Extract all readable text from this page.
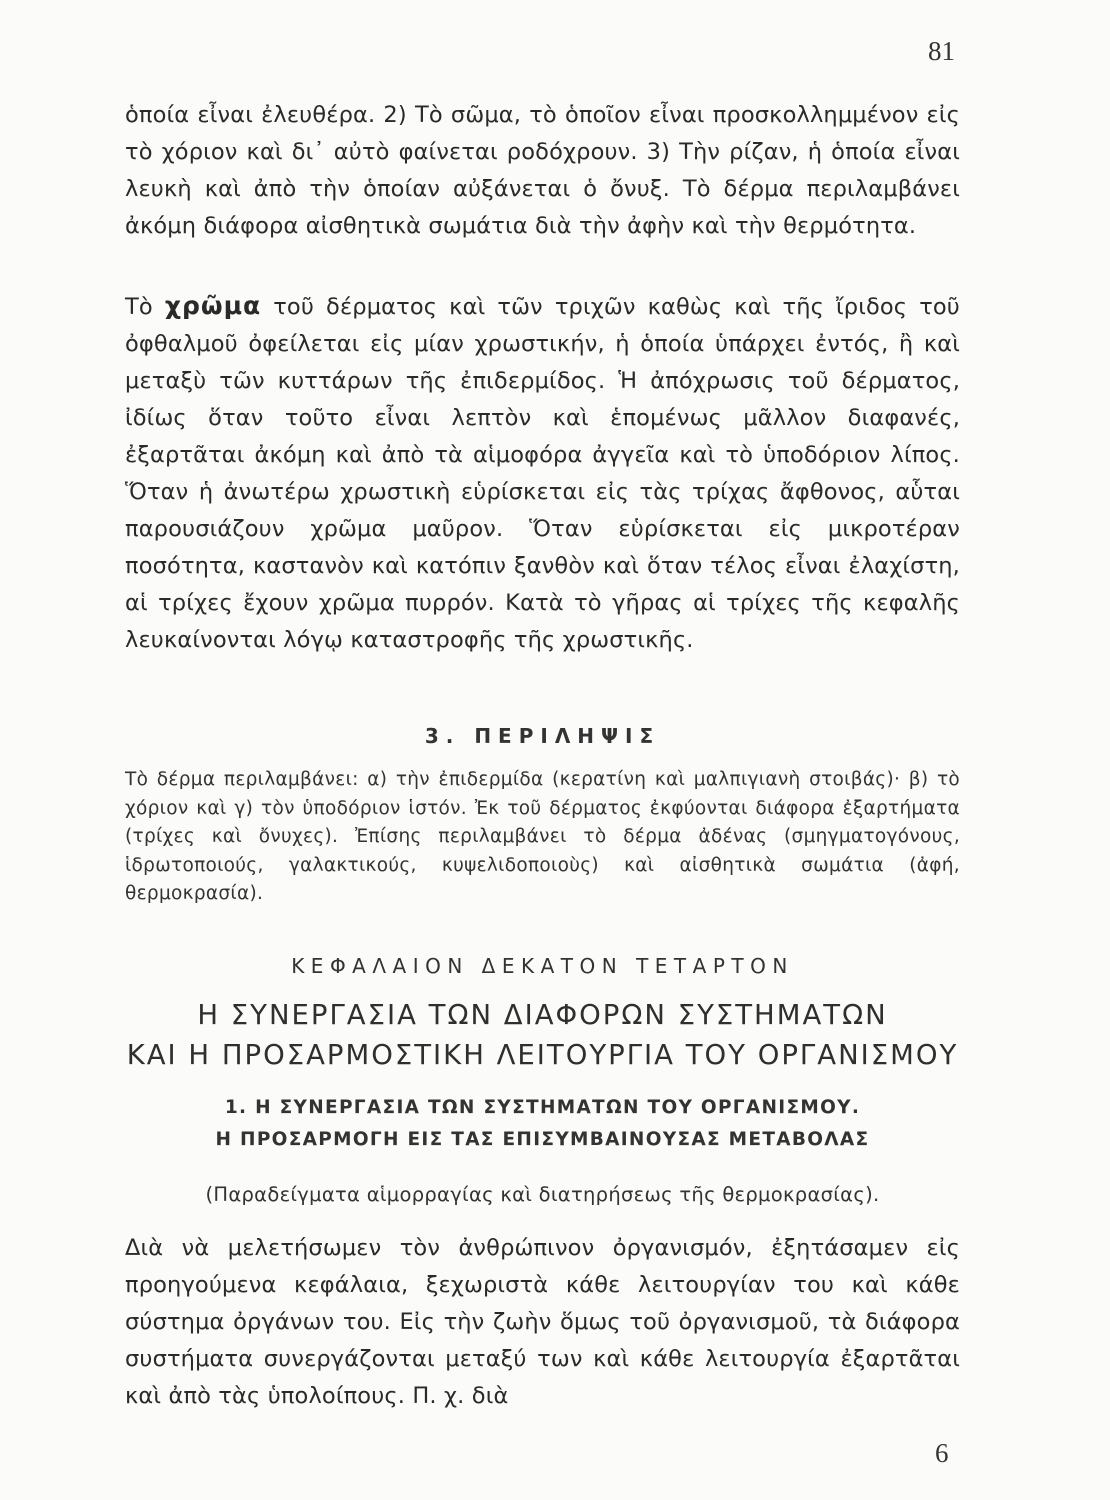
81

ὁποία εἶναι ἐλευθέρα. 2) Τὸ σῶμα, τὸ ὁποῖον εἶναι προσκολλημμένον εἰς τὸ χόριον καὶ δι᾽ αὐτὸ φαίνεται ροδόχρουν. 3) Τὴν ρίζαν, ἡ ὁποία εἶναι λευκὴ καὶ ἀπὸ τὴν ὁποίαν αὐξάνεται ὁ ὄνυξ. Τὸ δέρμα περιλαμβάνει ἀκόμη διάφορα αἰσθητικὰ σωμάτια διὰ τὴν ἀφὴν καὶ τὴν θερμότητα.

Τὸ χρῶμα τοῦ δέρματος καὶ τῶν τριχῶν καθὼς καὶ τῆς ἴριδος τοῦ ὀφθαλμοῦ ὀφείλεται εἰς μίαν χρωστικήν, ἡ ὁποία ὑπάρχει ἐντός, ἢ καὶ μεταξὺ τῶν κυττάρων τῆς ἐπιδερμίδος. Ἡ ἀπόχρωσις τοῦ δέρματος, ἰδίως ὅταν τοῦτο εἶναι λεπτὸν καὶ ἑπομένως μᾶλλον διαφανές, ἐξαρτᾶται ἀκόμη καὶ ἀπὸ τὰ αἱμοφόρα ἀγγεῖα καὶ τὸ ὑποδόριον λίπος. Ὅταν ἡ ἀνωτέρω χρωστικὴ εὑρίσκεται εἰς τὰς τρίχας ἄφθονος, αὗται παρουσιάζουν χρῶμα μαῦρον. Ὅταν εὑρίσκεται εἰς μικροτέραν ποσότητα, καστανὸν καὶ κατόπιν ξανθὸν καὶ ὅταν τέλος εἶναι ἐλαχίστη, αἱ τρίχες ἔχουν χρῶμα πυρρόν. Κατὰ τὸ γῆρας αἱ τρίχες τῆς κεφαλῆς λευκαίνονται λόγῳ καταστροφῆς τῆς χρωστικῆς.

3. ΠΕΡΙΛΗΨΙΣ

Τὸ δέρμα περιλαμβάνει: α) τὴν ἐπιδερμίδα (κερατίνη καὶ μαλπιγιανὴ στοιβάς)· β) τὸ χόριον καὶ γ) τὸν ὑποδόριον ἱστόν. Ἐκ τοῦ δέρματος ἐκφύονται διάφορα ἐξαρτήματα (τρίχες καὶ ὄνυχες). Ἐπίσης περιλαμβάνει τὸ δέρμα ἀδένας (σμηγματογόνους, ἱδρωτοποιούς, γαλακτικούς, κυψελιδοποιοὺς) καὶ αἰσθητικὰ σωμάτια (ἀφή, θερμοκρασία).

ΚΕΦΑΛΑΙΟΝ ΔΕΚΑΤΟΝ ΤΕΤΑΡΤΟΝ
Η ΣΥΝΕΡΓΑΣΙΑ ΤΩΝ ΔΙΑΦΟΡΩΝ ΣΥΣΤΗΜΑΤΩΝ
ΚΑΙ Η ΠΡΟΣΑΡΜΟΣΤΙΚΗ ΛΕΙΤΟΥΡΓΙΑ ΤΟΥ ΟΡΓΑΝΙΣΜΟΥ
1. Η ΣΥΝΕΡΓΑΣΙΑ ΤΩΝ ΣΥΣΤΗΜΑΤΩΝ ΤΟΥ ΟΡΓΑΝΙΣΜΟΥ.
Η ΠΡΟΣΑΡΜΟΓΗ ΕΙΣ ΤΑΣ ΕΠΙΣΥΜΒΑΙΝΟΥΣΑΣ ΜΕΤΑΒΟΛΑΣ
(Παραδείγματα αἱμορραγίας καὶ διατηρήσεως τῆς θερμοκρασίας).

Διὰ νὰ μελετήσωμεν τὸν ἀνθρώπινον ὀργανισμόν, ἐξητάσαμεν εἰς προηγούμενα κεφάλαια, ξεχωριστὰ κάθε λειτουργίαν του καὶ κάθε σύστημα ὀργάνων του. Εἰς τὴν ζωὴν ὅμως τοῦ ὀργανισμοῦ, τὰ διάφορα συστήματα συνεργάζονται μεταξύ των καὶ κάθε λειτουργία ἐξαρτᾶται καὶ ἀπὸ τὰς ὑπολοίπους. Π. χ. διὰ

6
